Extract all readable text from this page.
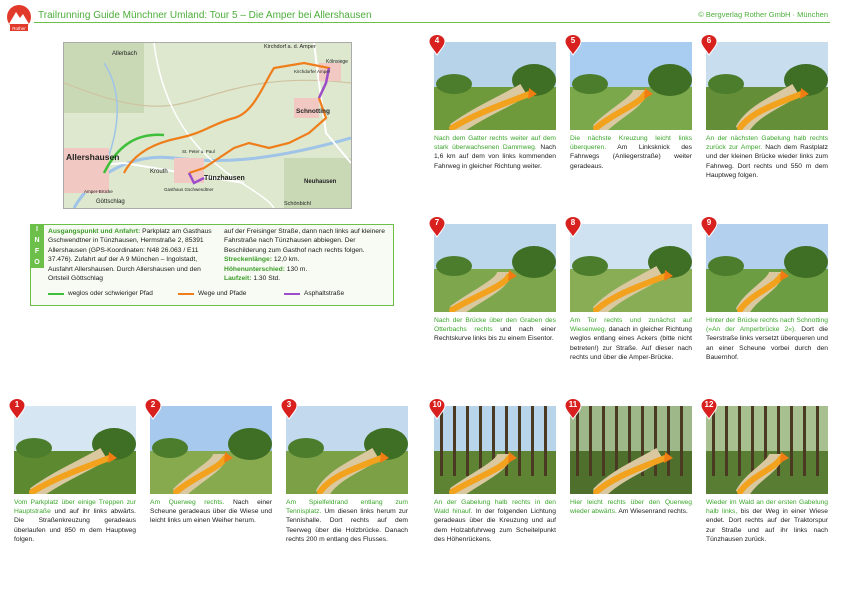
Rother
Trailrunning Guide Münchner Umland: Tour 5 – Die Amper bei Allershausen	© Bergverlag Rother GmbH · München
Allershausen
Allerbach
Göttschlag
Krouth
Tünzhausen
Kirchdorf a. d. Amper
Kölnsiege
Schnotting
Neuhausen
Schönbichl
St. Peter u. Paul
Gasthaus Gschwendtner
Amper-Brücke
Kirchdorfer Amper
I
N
F
O
Ausgangspunkt und Anfahrt: Parkplatz am Gasthaus Gschwendtner in Tünzhausen, Hermstraße 2, 85391 Allershausen (GPS-Koordinaten: N48 26.063 / E11 37.476). Zufahrt auf der A 9 München – Ingolstadt, Ausfahrt Allershausen. Durch Allershausen und den Ortsteil Göttschlag
auf der Freisinger Straße, dann nach links auf kleinere Fahrstraße nach Tünzhausen abbiegen. Der Beschilderung zum Gasthof nach rechts folgen.
Streckenlänge: 12,0 km.
Höhenunterschied: 130 m.
Laufzeit: 1.30 Std.
weglos oder schwieriger Pfad	Wege und Pfade	Asphaltstraße
4
Nach dem Gatter rechts weiter auf dem stark überwachsenen Dammweg. Nach 1,6 km auf dem von links kommenden Fahrweg in gleicher Richtung weiter.
5
Die nächste Kreuzung leicht links überqueren. Am Linksknick des Fahrwegs (Anliegerstraße) weiter geradeaus.
6
An der nächsten Gabelung halb rechts zurück zur Amper. Nach dem Rastplatz und der kleinen Brücke wieder links zum Fahrweg. Dort rechts und 550 m dem Hauptweg folgen.
7
Nach der Brücke über den Graben des Otterbachs rechts und nach einer Rechtskurve links bis zu einem Eisentor.
8
Am Tor rechts und zunächst auf Wiesenweg, danach in gleicher Richtung weglos entlang eines Ackers (bitte nicht betreten!) zur Straße. Auf dieser nach rechts und über die Amper-Brücke.
9
Hinter der Brücke rechts nach Schnotting (»An der Amperbrücke 2«). Dort die Teerstraße links versetzt überqueren und an einer Scheune vorbei durch den Bauernhof.
1
Vom Parkplatz über einige Treppen zur Hauptstraße und auf ihr links abwärts. Die Straßenkreuzung geradeaus überlaufen und 850 m dem Hauptweg folgen.
2
Am Querweg rechts. Nach einer Scheune geradeaus über die Wiese und leicht links um einen Weiher herum.
3
Am Spielfeldrand entlang zum Tennisplatz. Um diesen links herum zur Tennishalle. Dort rechts auf dem Teerweg über die Holzbrücke. Danach rechts 200 m entlang des Flusses.
10
An der Gabelung halb rechts in den Wald hinauf. In der folgenden Lichtung geradeaus über die Kreuzung und auf dem Holzabfuhrweg zum Scheitelpunkt des Höhenrückens.
11
Hier leicht rechts über den Querweg wieder abwärts. Am Wiesenrand rechts.
12
Wieder im Wald an der ersten Gabelung halb links, bis der Weg in einer Wiese endet. Dort rechts auf der Traktorspur zur Straße und auf ihr links nach Tünzhausen zurück.
